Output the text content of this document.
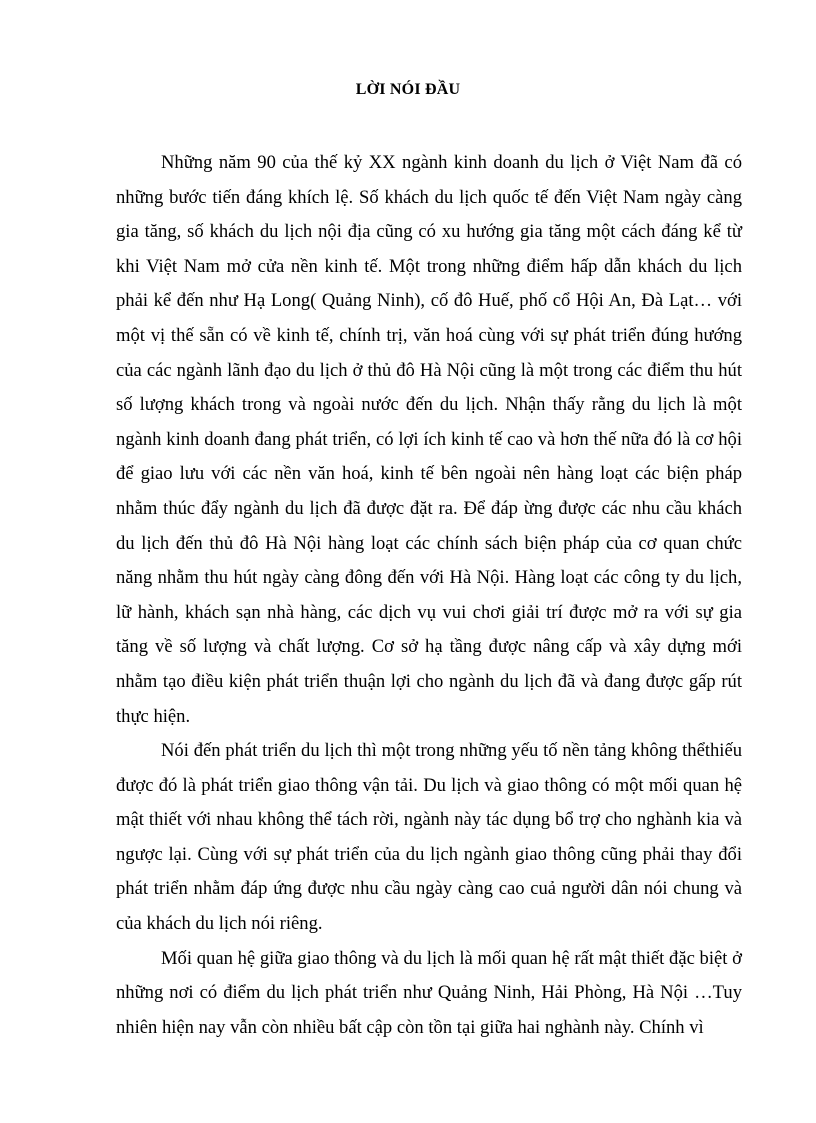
LỜI NÓI ĐẦU

Những năm 90 của thế kỷ XX ngành kinh doanh du lịch ở Việt Nam đã có những bước tiến đáng khích lệ. Số khách du lịch quốc tế đến Việt Nam ngày càng gia tăng, số khách du lịch nội địa cũng có xu hướng gia tăng một cách đáng kể từ khi Việt Nam mở cửa nền kinh tế. Một trong những điểm hấp dẫn khách du lịch phải kể đến như Hạ Long( Quảng Ninh), cố đô Huế, phố cổ Hội An, Đà Lạt… với một vị thế sẵn có về kinh tế, chính trị, văn hoá cùng với sự phát triển đúng hướng của các ngành lãnh đạo du lịch ở thủ đô Hà Nội cũng là một trong các điểm thu hút số lượng khách trong và ngoài nước đến du lịch. Nhận thấy rằng du lịch là một ngành kinh doanh đang phát triển, có lợi ích kinh tế cao và hơn thế nữa đó là cơ hội để giao lưu với các nền văn hoá, kinh tế bên ngoài nên hàng loạt các biện pháp nhằm thúc đẩy ngành du lịch đã được đặt ra. Để đáp ừng được các nhu cầu khách du lịch đến thủ đô Hà Nội hàng loạt các chính sách biện pháp của cơ quan chức năng nhằm thu hút ngày càng đông đến với Hà Nội. Hàng loạt các công ty du lịch, lữ hành, khách sạn nhà hàng, các dịch vụ vui chơi giải trí được mở ra với sự gia tăng về số lượng và chất lượng. Cơ sở hạ tầng được nâng cấp và xây dựng mới nhằm tạo điều kiện phát triển thuận lợi cho ngành du lịch đã và đang được gấp rút thực hiện.

Nói đến phát triển du lịch thì một trong những yếu tố nền tảng không thểthiếu được đó là phát triển giao thông vận tải. Du lịch và giao thông có một mối quan hệ mật thiết với nhau không thể tách rời, ngành này tác dụng bổ trợ cho nghành kia và ngược lại. Cùng với sự phát triển của du lịch ngành giao thông cũng phải thay đổi phát triển nhằm đáp ứng được nhu cầu ngày càng cao cuả người dân nói chung và của khách du lịch nói riêng.

Mối quan hệ giữa giao thông và du lịch là mối quan hệ rất mật thiết đặc biệt ở những nơi có điểm du lịch phát triển như Quảng Ninh, Hải Phòng, Hà Nội …Tuy nhiên hiện nay vẫn còn nhiều bất cập còn tồn tại giữa hai nghành này. Chính vì
